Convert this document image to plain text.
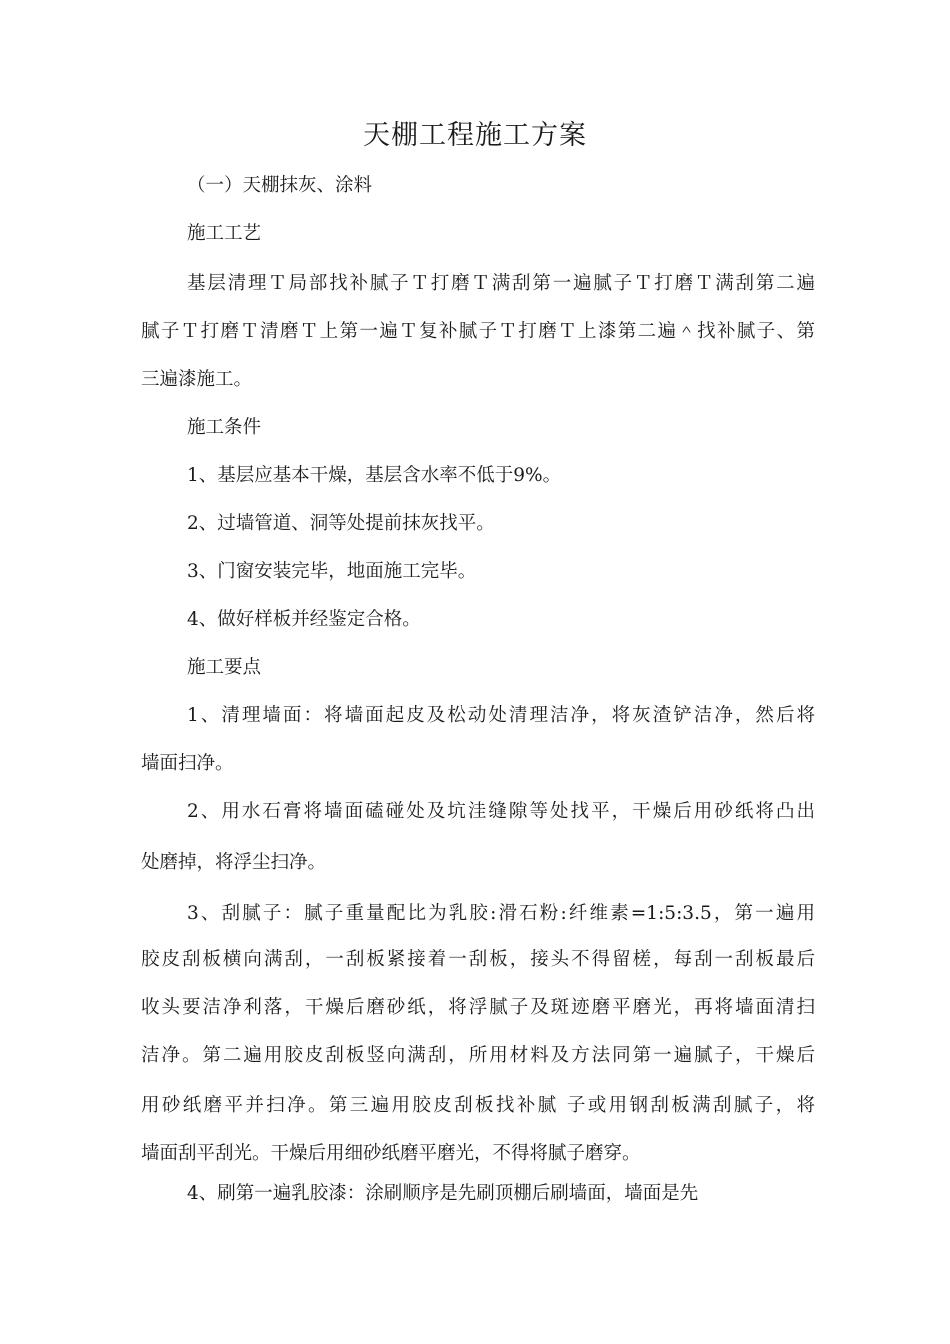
天棚工程施工方案
（一）天棚抹灰、涂料
施工工艺
基层清理Ｔ局部找补腻子Ｔ打磨Ｔ满刮第一遍腻子Ｔ打磨Ｔ满刮第二遍
腻子Ｔ打磨Ｔ清磨Ｔ上第一遍Ｔ复补腻子Ｔ打磨Ｔ上漆第二遍＾找补腻子、第
三遍漆施工。
施工条件
1、基层应基本干燥，基层含水率不低于9%。
2、过墙管道、洞等处提前抹灰找平。
3、门窗安装完毕，地面施工完毕。
4、做好样板并经鉴定合格。
施工要点
1、清理墙面：将墙面起皮及松动处清理洁净，将灰渣铲洁净，然后将
墙面扫净。
2、用水石膏将墙面磕碰处及坑洼缝隙等处找平，干燥后用砂纸将凸出
处磨掉，将浮尘扫净。
3、刮腻子：腻子重量配比为乳胶:滑石粉:纤维素=1:5:3.5，第一遍用
胶皮刮板横向满刮，一刮板紧接着一刮板，接头不得留槎，每刮一刮板最后
收头要洁净利落，干燥后磨砂纸，将浮腻子及斑迹磨平磨光，再将墙面清扫
洁净。第二遍用胶皮刮板竖向满刮，所用材料及方法同第一遍腻子，干燥后
用砂纸磨平并扫净。第三遍用胶皮刮板找补腻 子或用钢刮板满刮腻子，将
墙面刮平刮光。干燥后用细砂纸磨平磨光，不得将腻子磨穿。
4、刷第一遍乳胶漆：涂刷顺序是先刷顶棚后刷墙面，墙面是先
